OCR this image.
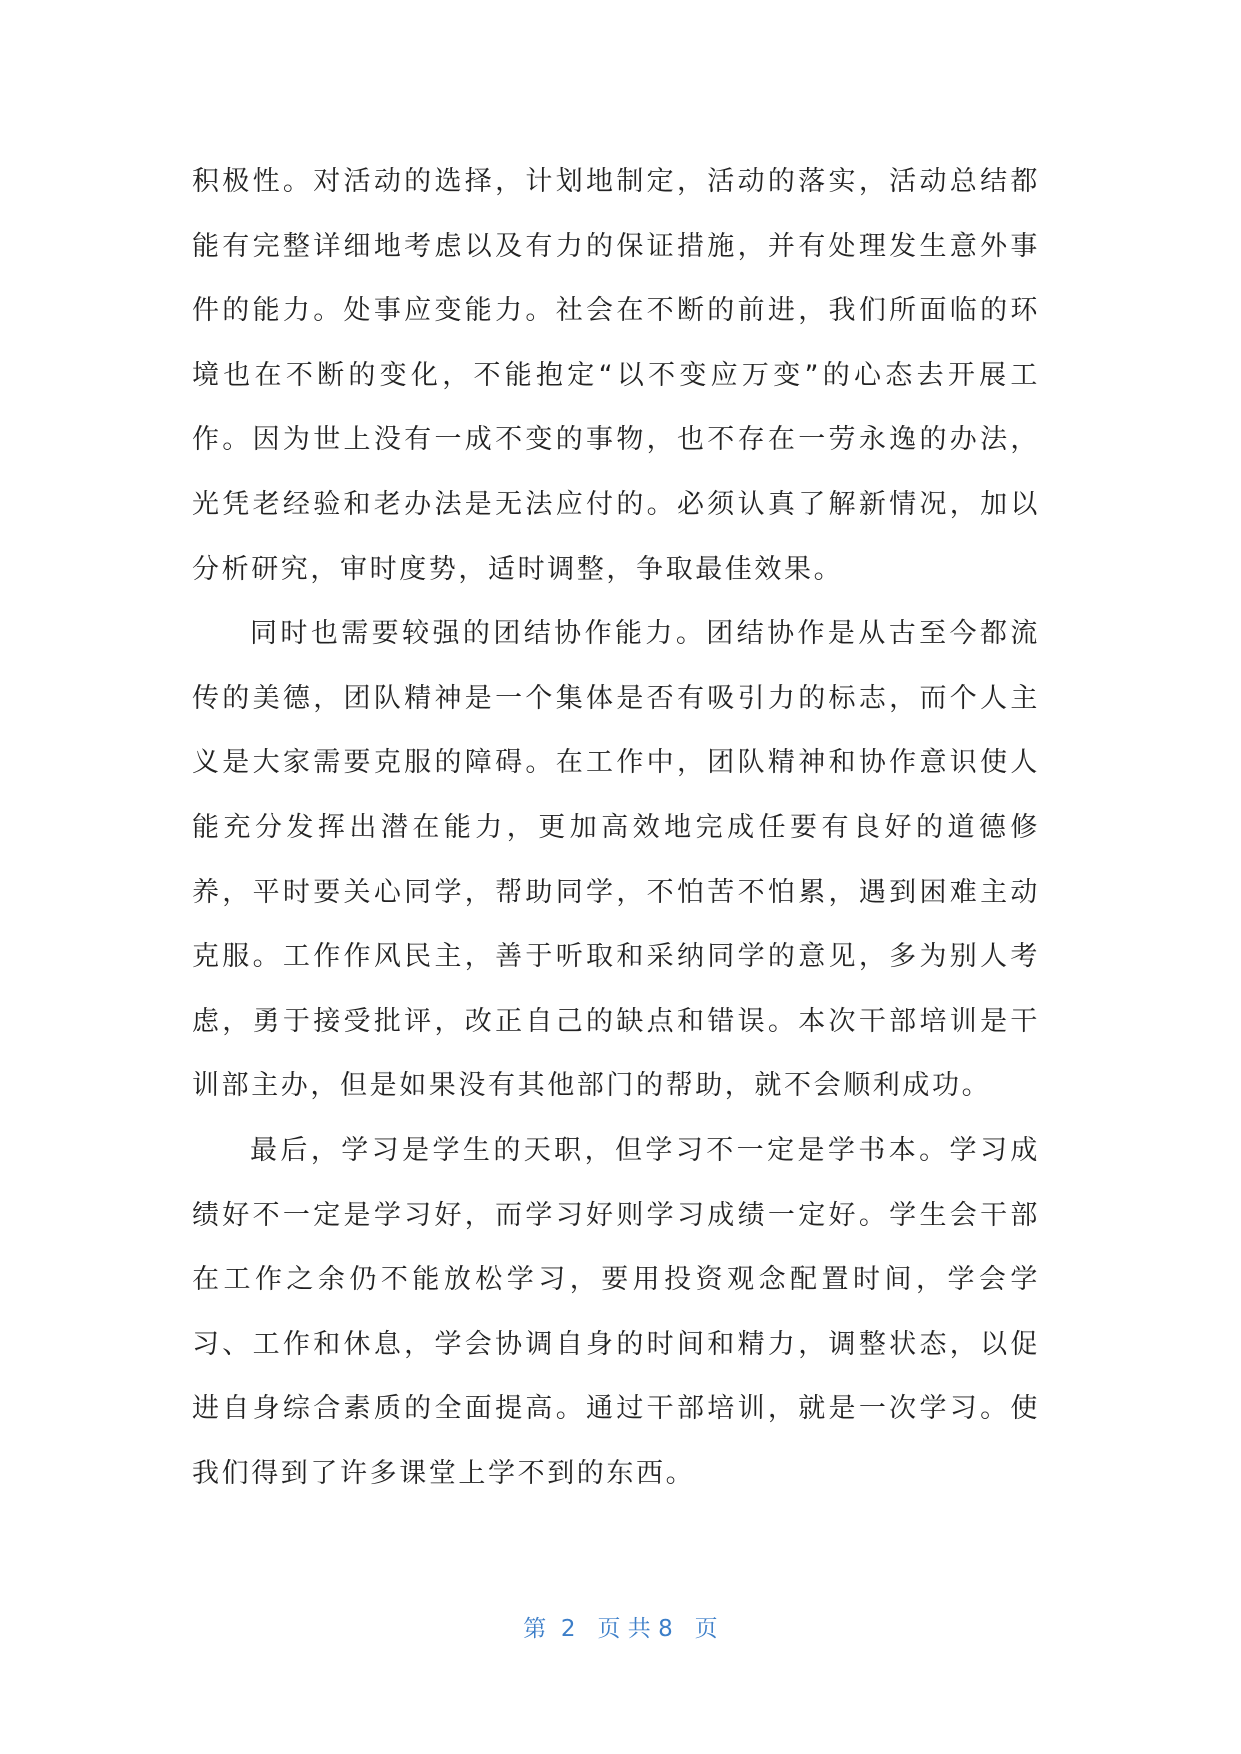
积极性。对活动的选择，计划地制定，活动的落实，活动总结都能有完整详细地考虑以及有力的保证措施，并有处理发生意外事件的能力。处事应变能力。社会在不断的前进，我们所面临的环境也在不断的变化，不能抱定“以不变应万变”的心态去开展工作。因为世上没有一成不变的事物，也不存在一劳永逸的办法，光凭老经验和老办法是无法应付的。必须认真了解新情况，加以分析研究，审时度势，适时调整，争取最佳效果。

同时也需要较强的团结协作能力。团结协作是从古至今都流传的美德，团队精神是一个集体是否有吸引力的标志，而个人主义是大家需要克服的障碍。在工作中，团队精神和协作意识使人能充分发挥出潜在能力，更加高效地完成任要有良好的道德修养，平时要关心同学，帮助同学，不怕苦不怕累，遇到困难主动克服。工作作风民主，善于听取和采纳同学的意见，多为别人考虑，勇于接受批评，改正自己的缺点和错误。本次干部培训是干训部主办，但是如果没有其他部门的帮助，就不会顺利成功。

最后，学习是学生的天职，但学习不一定是学书本。学习成绩好不一定是学习好，而学习好则学习成绩一定好。学生会干部在工作之余仍不能放松学习，要用投资观念配置时间，学会学习、工作和休息，学会协调自身的时间和精力，调整状态，以促进自身综合素质的全面提高。通过干部培训，就是一次学习。使我们得到了许多课堂上学不到的东西。

第  2   页 共 8   页
